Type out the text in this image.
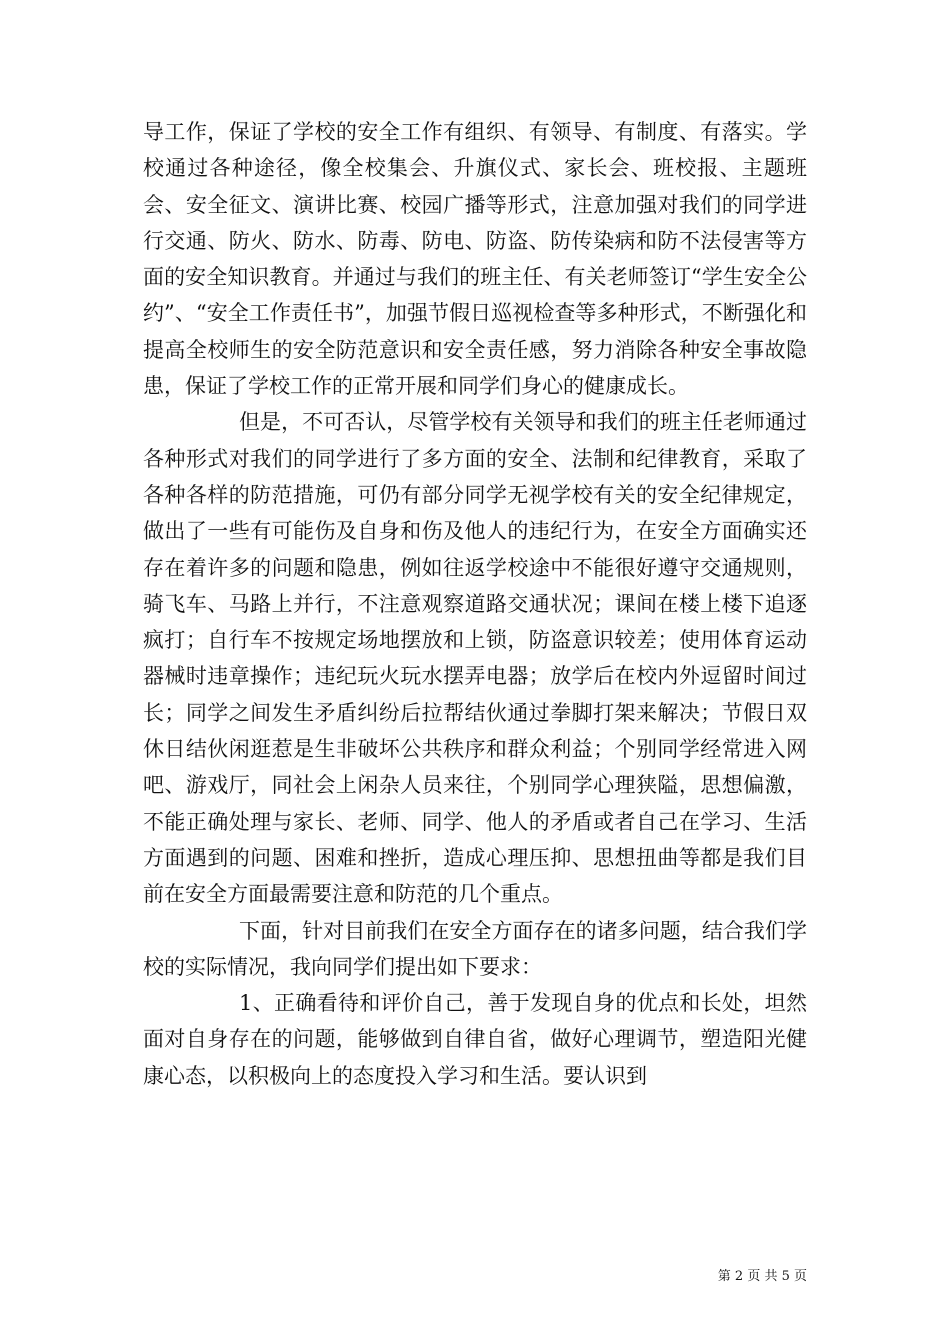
导工作，保证了学校的安全工作有组织、有领导、有制度、有落实。学校通过各种途径，像全校集会、升旗仪式、家长会、班校报、主题班会、安全征文、演讲比赛、校园广播等形式，注意加强对我们的同学进行交通、防火、防水、防毒、防电、防盗、防传染病和防不法侵害等方面的安全知识教育。并通过与我们的班主任、有关老师签订“学生安全公约”、“安全工作责任书”，加强节假日巡视检查等多种形式，不断强化和提高全校师生的安全防范意识和安全责任感，努力消除各种安全事故隐患，保证了学校工作的正常开展和同学们身心的健康成长。

但是，不可否认，尽管学校有关领导和我们的班主任老师通过各种形式对我们的同学进行了多方面的安全、法制和纪律教育，采取了各种各样的防范措施，可仍有部分同学无视学校有关的安全纪律规定，做出了一些有可能伤及自身和伤及他人的违纪行为，在安全方面确实还存在着许多的问题和隐患，例如往返学校途中不能很好遵守交通规则，骑飞车、马路上并行，不注意观察道路交通状况；课间在楼上楼下追逐疯打；自行车不按规定场地摆放和上锁，防盗意识较差；使用体育运动器械时违章操作；违纪玩火玩水摆弄电器；放学后在校内外逗留时间过长；同学之间发生矛盾纠纷后拉帮结伙通过拳脚打架来解决；节假日双休日结伙闲逛惹是生非破坏公共秩序和群众利益；个别同学经常进入网吧、游戏厅，同社会上闲杂人员来往，个别同学心理狭隘，思想偏激，不能正确处理与家长、老师、同学、他人的矛盾或者自己在学习、生活方面遇到的问题、困难和挫折，造成心理压抑、思想扭曲等都是我们目前在安全方面最需要注意和防范的几个重点。

下面，针对目前我们在安全方面存在的诸多问题，结合我们学校的实际情况，我向同学们提出如下要求：

1、正确看待和评价自己，善于发现自身的优点和长处，坦然面对自身存在的问题，能够做到自律自省，做好心理调节，塑造阳光健康心态，以积极向上的态度投入学习和生活。要认识到

第 2 页 共 5 页
